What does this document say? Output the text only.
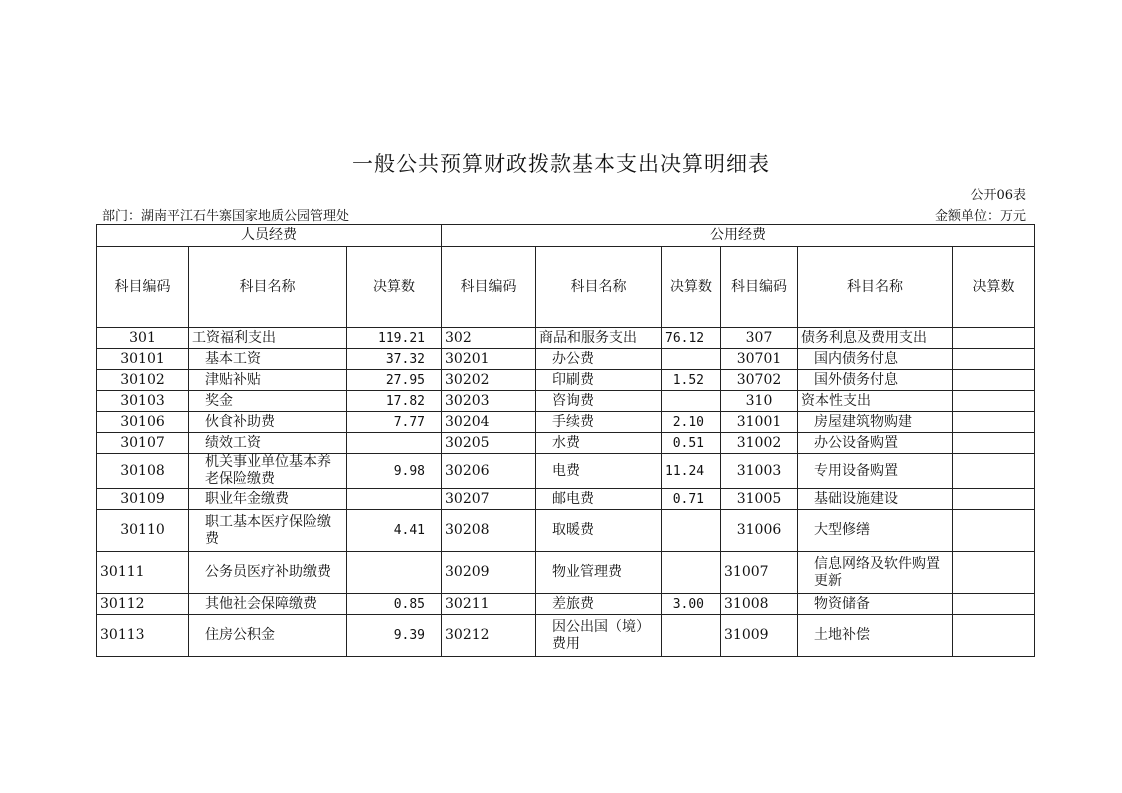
一般公共预算财政拨款基本支出决算明细表
公开06表
部门：湖南平江石牛寨国家地质公园管理处	金额单位：万元
人员经费			公用经费					
科目编码	科目名称	决算数	科目编码	科目名称	决算数	科目编码	科目名称	决算数
301	工资福利支出	119.21	302	商品和服务支出	76.12	307	债务利息及费用支出	
30101	基本工资	37.32	30201	办公费		30701	国内债务付息	
30102	津贴补贴	27.95	30202	印刷费	1.52	30702	国外债务付息	
30103	奖金	17.82	30203	咨询费		310	资本性支出	
30106	伙食补助费	7.77	30204	手续费	2.10	31001	房屋建筑物购建	
30107	绩效工资		30205	水费	0.51	31002	办公设备购置	
30108	机关事业单位基本养老保险缴费	9.98	30206	电费	11.24	31003	专用设备购置	
30109	职业年金缴费		30207	邮电费	0.71	31005	基础设施建设	
30110	职工基本医疗保险缴费	4.41	30208	取暖费		31006	大型修缮	
30111	公务员医疗补助缴费		30209	物业管理费		31007	信息网络及软件购置更新	
30112	其他社会保障缴费	0.85	30211	差旅费	3.00	31008	物资储备	
30113	住房公积金	9.39	30212	因公出国（境）费用		31009	土地补偿	
